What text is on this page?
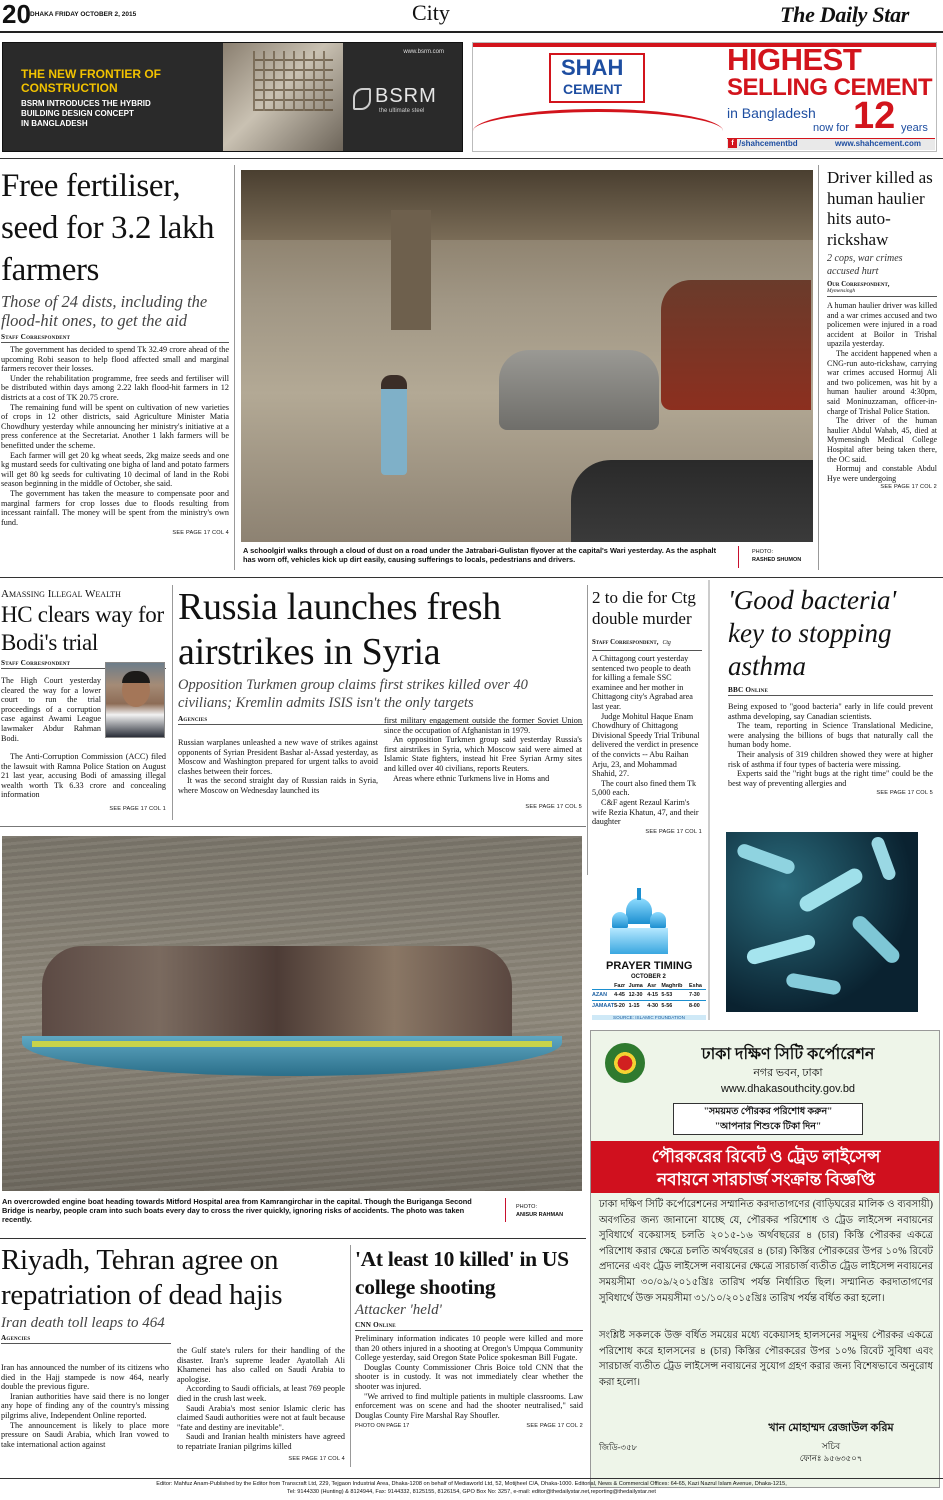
20 DHAKA FRIDAY OCTOBER 2, 2015	City	The Daily Star
www.bsrm.com
THE NEW FRONTIER OF
CONSTRUCTION
BSRM INTRODUCES THE HYBRID
BUILDING DESIGN CONCEPT
IN BANGLADESH
BSRM
the ultimate steel
SHAH
CEMENT
HIGHEST
SELLING CEMENT
in Bangladesh
now for 12 years
f /shahcementbd	www.shahcement.com
Free fertiliser, seed for 3.2 lakh farmers
Those of 24 dists, including the flood-hit ones, to get the aid
Staff Correspondent

The government has decided to spend Tk 32.49 crore ahead of the upcoming Robi season to help flood affected small and marginal farmers recover their losses.

Under the rehabilitation programme, free seeds and fertiliser will be distributed within days among 2.22 lakh flood-hit farmers in 12 districts at a cost of TK 20.75 crore.

The remaining fund will be spent on cultivation of new varieties of crops in 12 other districts, said Agriculture Minister Matia Chowdhury yesterday while announcing her ministry's initiative at a press conference at the Secretariat. Another 1 lakh farmers will be benefitted under the scheme.

Each farmer will get 20 kg wheat seeds, 2kg maize seeds and one kg mustard seeds for cultivating one bigha of land and potato farmers will get 80 kg seeds for cultivating 10 decimal of land in the Robi season beginning in the middle of October, she said.

The government has taken the measure to compensate poor and marginal farmers for crop losses due to floods resulting from incessant rainfall. The money will be spent from the ministry's own fund.

SEE PAGE 17 COL 4
A schoolgirl walks through a cloud of dust on a road under the Jatrabari-Gulistan flyover at the capital's Wari yesterday. As the asphalt has worn off, vehicles kick up dirt easily, causing sufferings to locals, pedestrians and drivers.
PHOTO:
RASHED SHUMON
Driver killed as human haulier hits auto-rickshaw
2 cops, war crimes accused hurt
Our Correspondent,
Mymensingh

A human haulier driver was killed and a war crimes accused and two policemen were injured in a road accident at Boilor in Trishal upazila yesterday.

The accident happened when a CNG-run auto-rickshaw, carrying war crimes accused Hormuj Ali and two policemen, was hit by a human haulier around 4:30pm, said Moninuzzaman, officer-in-charge of Trishal Police Station.

The driver of the human haulier Abdul Wahab, 45, died at Mymensingh Medical College Hospital after being taken there, the OC said.

Hormuj and constable Abdul Hye were undergoing

SEE PAGE 17 COL 2
Amassing Illegal Wealth
HC clears way for Bodi's trial
Staff Correspondent

The High Court yesterday cleared the way for a lower court to run the trial proceedings of a corruption case against Awami League lawmaker Abdur Rahman Bodi.

The Anti-Corruption Commission (ACC) filed the lawsuit with Ramna Police Station on August 21 last year, accusing Bodi of amassing illegal wealth worth Tk 6.33 crore and concealing information

SEE PAGE 17 COL 1
Russia launches fresh airstrikes in Syria
Opposition Turkmen group claims first strikes killed over 40 civilians; Kremlin admits ISIS isn't the only targets
Agencies

Russian warplanes unleashed a new wave of strikes against opponents of Syrian President Bashar al-Assad yesterday, as Moscow and Washington prepared for urgent talks to avoid clashes between their forces.

It was the second straight day of Russian raids in Syria, where Moscow on Wednesday launched its

first military engagement outside the former Soviet Union since the occupation of Afghanistan in 1979.

An opposition Turkmen group said yesterday Russia's first airstrikes in Syria, which Moscow said were aimed at Islamic State fighters, instead hit Free Syrian Army sites and killed over 40 civilians, reports Reuters.

Areas where ethnic Turkmens live in Homs and

SEE PAGE 17 COL 5
2 to die for Ctg double murder
Staff Correspondent, Ctg

A Chittagong court yesterday sentenced two people to death for killing a female SSC examinee and her mother in Chittagong city's Agrabad area last year.

Judge Mohitul Haque Enam Chowdhury of Chittagong Divisional Speedy Trial Tribunal delivered the verdict in presence of the convicts -- Abu Raihan Arju, 23, and Mohammad Shahid, 27.

The court also fined them Tk 5,000 each.

C&F agent Rezaul Karim's wife Rezia Khatun, 47, and their daughter

SEE PAGE 17 COL 1
'Good bacteria' key to stopping asthma
BBC Online

Being exposed to "good bacteria" early in life could prevent asthma developing, say Canadian scientists.

The team, reporting in Science Translational Medicine, were analysing the billions of bugs that naturally call the human body home.

Their analysis of 319 children showed they were at higher risk of asthma if four types of bacteria were missing.

Experts said the "right bugs at the right time" could be the best way of preventing allergies and

SEE PAGE 17 COL 5
An overcrowded engine boat heading towards Mitford Hospital area from Kamrangirchar in the capital. Though the Buriganga Second Bridge is nearby, people cram into such boats every day to cross the river quickly, ignoring risks of accidents. The photo was taken recently.
PHOTO:
ANISUR RAHMAN
PRAYER TIMING
OCTOBER 2
	Fazr	Juma	Asr	Maghrib	Esha
AZAN	4-45	12-30	4-15	5-53	7-30
JAMAAT	5-20	1-15	4-30	5-56	8-00
SOURCE: ISLAMIC FOUNDATION
ঢাকা দক্ষিণ সিটি কর্পোরেশন
নগর ভবন, ঢাকা
www.dhakasouthcity.gov.bd
"সময়মত পৌরকর পরিশোধ করুন"
"আপনার শিশুকে টিকা দিন"
পৌরকরের রিবেট ও ট্রেড লাইসেন্স
নবায়নে সারচার্জ সংক্রান্ত বিজ্ঞপ্তি
ঢাকা দক্ষিণ সিটি কর্পোরেশনের সম্মানিত করদাতাগণের (বাড়িঘরের মালিক ও ব্যবসায়ী) অবগতির জন্য জানানো যাচ্ছে যে, পৌরকর পরিশোধ ও ট্রেড লাইসেন্স নবায়নের সুবিধার্থে বকেয়াসহ চলতি ২০১৫-১৬ অর্থবছরের ৪ (চার) কিস্তি পৌরকর একত্রে পরিশোধ করার ক্ষেত্রে চলতি অর্থবছরের ৪ (চার) কিস্তির পৌরকরের উপর ১০% রিবেট প্রদানের এবং ট্রেড লাইসেন্স নবায়নের ক্ষেত্রে সারচার্জ ব্যতীত ট্রেড লাইসেন্স নবায়নের সময়সীমা ৩০/০৯/২০১৫খ্রিঃ তারিখ পর্যন্ত নির্ধারিত ছিল। সম্মানিত করদাতাগণের সুবিধার্থে উক্ত সময়সীমা ৩১/১০/২০১৫খ্রিঃ তারিখ পর্যন্ত বর্ধিত করা হলো।
সংশ্লিষ্ট সকলকে উক্ত বর্ধিত সময়ের মধ্যে বকেয়াসহ হালসনের সমুদয় পৌরকর একত্রে পরিশোধ করে হালসনের ৪ (চার) কিস্তির পৌরকরের উপর ১০% রিবেট সুবিধা এবং সারচার্জ ব্যতীত ট্রেড লাইসেন্স নবায়নের সুযোগ গ্রহণ করার জন্য বিশেষভাবে অনুরোধ করা হলো।
খান মোহাম্মদ রেজাউল করিম
সচিব
ফোনঃ ৯৫৬৩৫০৭
জিডি-৩৫৮
Riyadh, Tehran agree on repatriation of dead hajis
Iran death toll leaps to 464
Agencies

Iran has announced the number of its citizens who died in the Hajj stampede is now 464, nearly double the previous figure.

Iranian authorities have said there is no longer any hope of finding any of the country's missing pilgrims alive, Independent Online reported.

The announcement is likely to place more pressure on Saudi Arabia, which Iran vowed to take international action against

the Gulf state's rulers for their handling of the disaster. Iran's supreme leader Ayatollah Ali Khamenei has also called on Saudi Arabia to apologise.

According to Saudi officials, at least 769 people died in the crush last week.

Saudi Arabia's most senior Islamic cleric has claimed Saudi authorities were not at fault because "fate and destiny are inevitable".

Saudi and Iranian health ministers have agreed to repatriate Iranian pilgrims killed

SEE PAGE 17 COL 4
'At least 10 killed' in US college shooting
Attacker 'held'
CNN Online

Preliminary information indicates 10 people were killed and more than 20 others injured in a shooting at Oregon's Umpqua Community College yesterday, said Oregon State Police spokesman Bill Fugate.

Douglas County Commissioner Chris Boice told CNN that the shooter is in custody. It was not immediately clear whether the shooter was injured.

"We arrived to find multiple patients in multiple classrooms. Law enforcement was on scene and had the shooter neutralised," said Douglas County Fire Marshal Ray Shoufler.

PHOTO ON PAGE 17	SEE PAGE 17 COL 2
Editor: Mahfuz Anam-Published by the Editor from Transcraft Ltd, 229, Tejgaon Industrial Area, Dhaka-1208 on behalf of Mediaworld Ltd, 52, Motijheel C/A, Dhaka-1000. Editorial, News & Commercial Offices: 64-65, Kazi Nazrul Islam Avenue, Dhaka-1215,
Tel: 9144330 (Hunting) & 8124944, Fax: 9144332, 8125155, 8126154, GPO Box No: 3257, e-mail: editor@thedailystar.net,reporting@thedailystar.net
